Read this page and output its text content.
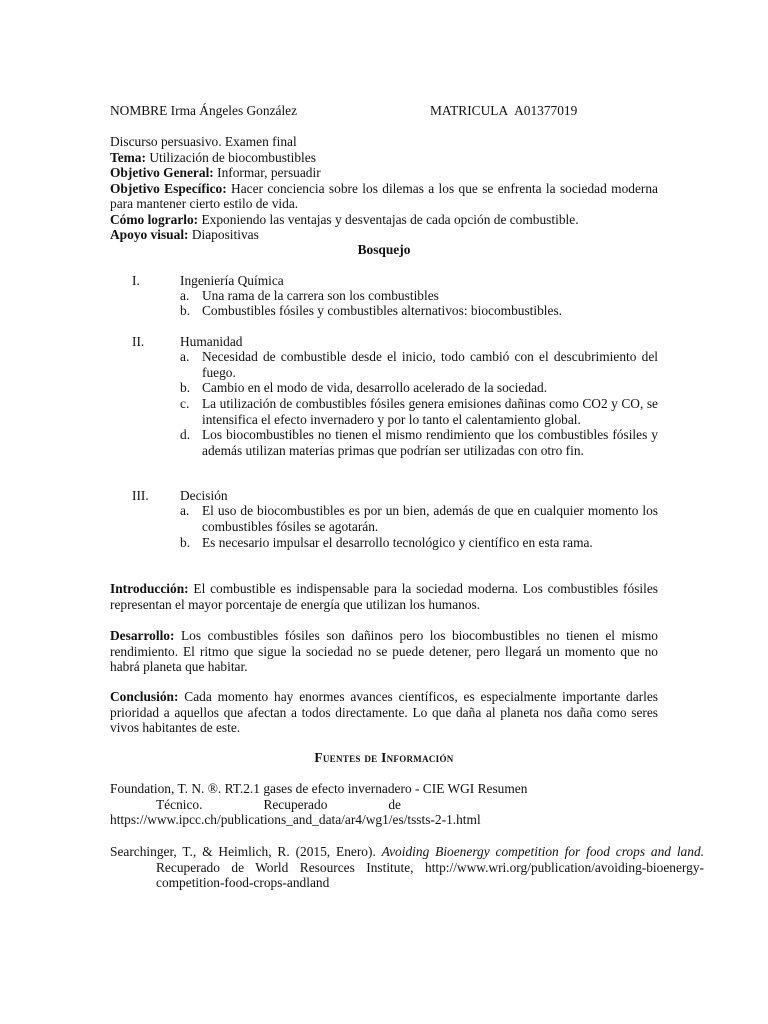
NOMBRE Irma Ángeles González	MATRICULA A01377019
Discurso persuasivo. Examen final
Tema: Utilización de biocombustibles
Objetivo General: Informar, persuadir
Objetivo Específico: Hacer conciencia sobre los dilemas a los que se enfrenta la sociedad moderna para mantener cierto estilo de vida.
Cómo lograrlo: Exponiendo las ventajas y desventajas de cada opción de combustible.
Apoyo visual: Diapositivas
Bosquejo
I.	Ingeniería Química
a. Una rama de la carrera son los combustibles
b. Combustibles fósiles y combustibles alternativos: biocombustibles.
II.	Humanidad
a. Necesidad de combustible desde el inicio, todo cambió con el descubrimiento del fuego.
b. Cambio en el modo de vida, desarrollo acelerado de la sociedad.
c. La utilización de combustibles fósiles genera emisiones dañinas como CO2 y CO, se intensifica el efecto invernadero y por lo tanto el calentamiento global.
d. Los biocombustibles no tienen el mismo rendimiento que los combustibles fósiles y además utilizan materias primas que podrían ser utilizadas con otro fin.
III. Decisión
a. El uso de biocombustibles es por un bien, además de que en cualquier momento los combustibles fósiles se agotarán.
b. Es necesario impulsar el desarrollo tecnológico y científico en esta rama.
Introducción: El combustible es indispensable para la sociedad moderna. Los combustibles fósiles representan el mayor porcentaje de energía que utilizan los humanos.
Desarrollo: Los combustibles fósiles son dañinos pero los biocombustibles no tienen el mismo rendimiento. El ritmo que sigue la sociedad no se puede detener, pero llegará un momento que no habrá planeta que habitar.
Conclusión: Cada momento hay enormes avances científicos, es especialmente importante darles prioridad a aquellos que afectan a todos directamente. Lo que daña al planeta nos daña como seres vivos habitantes de este.
Fuentes de Información
Foundation, T. N. ®. RT.2.1 gases de efecto invernadero - CIE WGI Resumen
Técnico.	Recuperado	de
https://www.ipcc.ch/publications_and_data/ar4/wg1/es/tssts-2-1.html
Searchinger, T., & Heimlich, R. (2015, Enero). Avoiding Bioenergy competition for food crops and land. Recuperado de World Resources Institute, http://www.wri.org/publication/avoiding-bioenergy-competition-food-crops-andland
